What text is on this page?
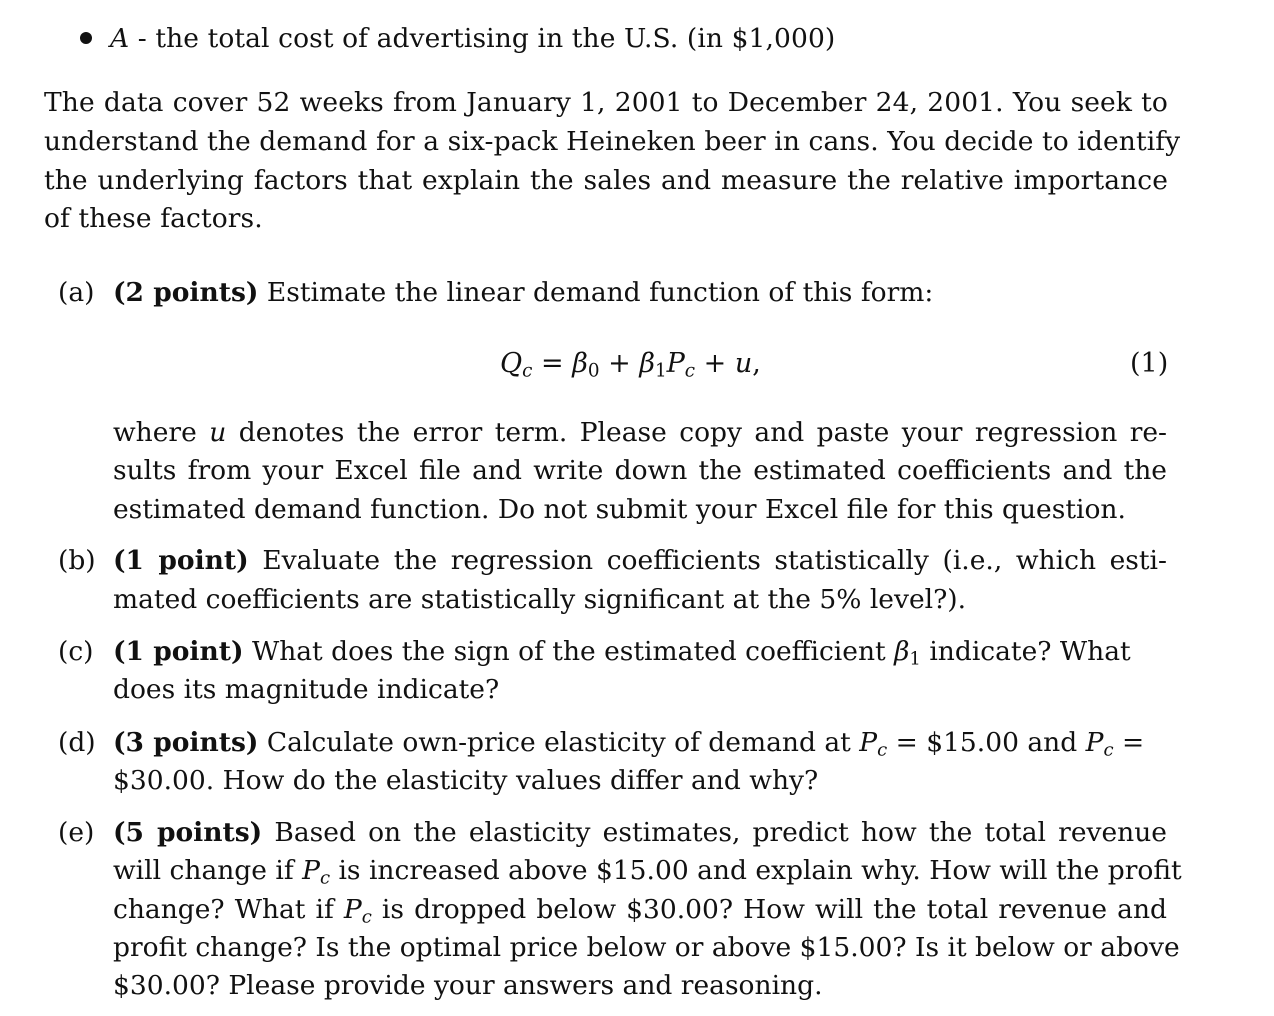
A - the total cost of advertising in the U.S. (in $1,000)
The data cover 52 weeks from January 1, 2001 to December 24, 2001. You seek to
understand the demand for a six-pack Heineken beer in cans. You decide to identify
the underlying factors that explain the sales and measure the relative importance
of these factors.
(a) (2 points) Estimate the linear demand function of this form:
$Q_c = \beta_0 + \beta_1P_c + u$,	(1)
where u denotes the error term. Please copy and paste your regression re-
sults from your Excel file and write down the estimated coefficients and the
estimated demand function. Do not submit your Excel file for this question.
(b) (1 point) Evaluate the regression coefficients statistically (i.e., which esti-
mated coefficients are statistically significant at the 5% level?).
(c) (1 point) What does the sign of the estimated coefficient $\beta_1$ indicate? What
does its magnitude indicate?
(d) (3 points) Calculate own-price elasticity of demand at $P_c$ = $15.00 and $P_c$ =
$30.00. How do the elasticity values differ and why?
(e) (5 points) Based on the elasticity estimates, predict how the total revenue
will change if $P_c$ is increased above $15.00 and explain why. How will the profit
change? What if $P_c$ is dropped below $30.00? How will the total revenue and
profit change? Is the optimal price below or above $15.00? Is it below or above
$30.00? Please provide your answers and reasoning.
